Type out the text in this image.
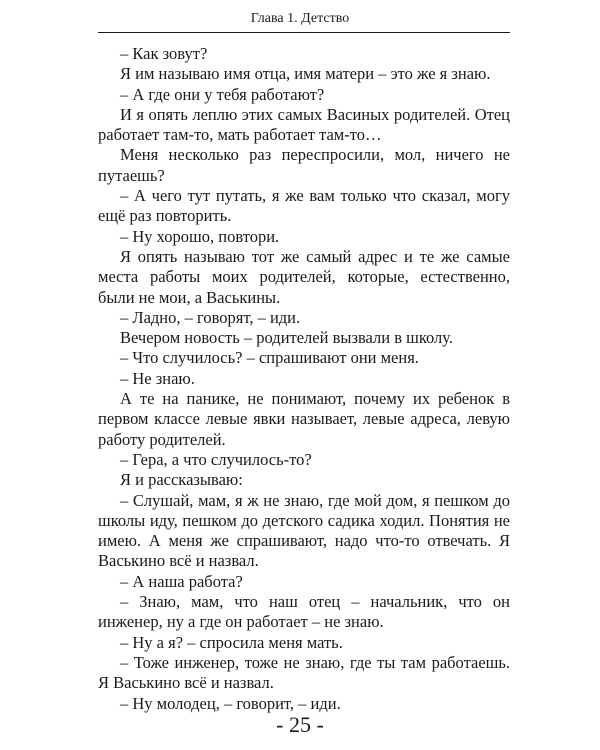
Глава 1. Детство

– Как зовут?

Я им называю имя отца, имя матери – это же я знаю.

– А где они у тебя работают?

И я опять леплю этих самых Васиных родителей. Отец работает там-то, мать работает там-то…

Меня несколько раз переспросили, мол, ничего не путаешь?

– А чего тут путать, я же вам только что сказал, могу ещё раз повторить.

– Ну хорошо, повтори.

Я опять называю тот же самый адрес и те же самые места работы моих родителей, которые, естественно, были не мои, а Васькины.

– Ладно, – говорят, – иди.

Вечером новость – родителей вызвали в школу.

– Что случилось? – спрашивают они меня.

– Не знаю.

А те на панике, не понимают, почему их ребенок в первом классе левые явки называет, левые адреса, левую работу родителей.

– Гера, а что случилось-то?

Я и рассказываю:

– Слушай, мам, я ж не знаю, где мой дом, я пешком до школы иду, пешком до детского садика ходил. Понятия не имею. А меня же спрашивают, надо что-то отвечать. Я Васькино всё и назвал.

– А наша работа?

– Знаю, мам, что наш отец – начальник, что он инженер, ну а где он работает – не знаю.

– Ну а я? – спросила меня мать.

– Тоже инженер, тоже не знаю, где ты там работаешь. Я Васькино всё и назвал.

– Ну молодец, – говорит, – иди.

- 25 -
